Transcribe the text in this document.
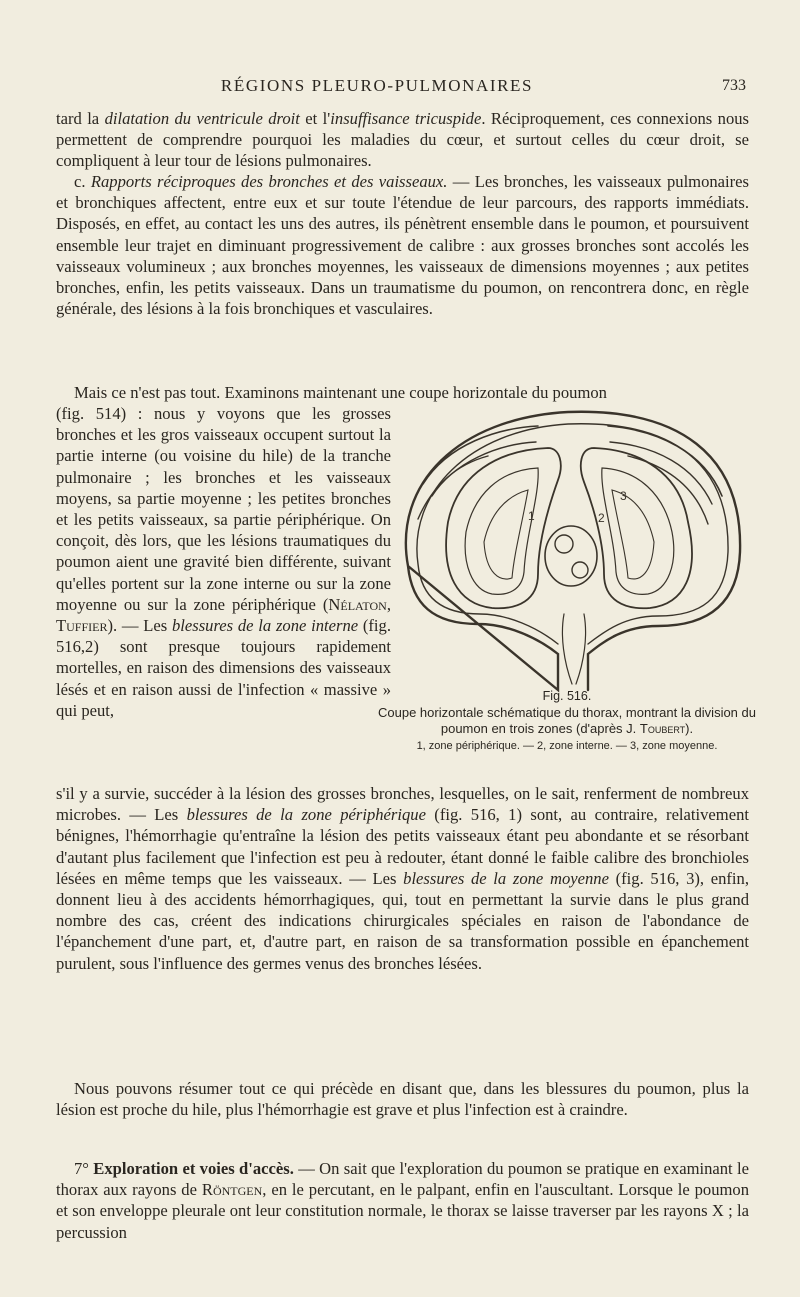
RÉGIONS PLEURO-PULMONAIRES	733

tard la dilatation du ventricule droit et l'insuffisance tricuspide. Réciproquement, ces connexions nous permettent de comprendre pourquoi les maladies du cœur, et surtout celles du cœur droit, se compliquent à leur tour de lésions pulmonaires.

c. Rapports réciproques des bronches et des vaisseaux. — Les bronches, les vaisseaux pulmonaires et bronchiques affectent, entre eux et sur toute l'étendue de leur parcours, des rapports immédiats. Disposés, en effet, au contact les uns des autres, ils pénètrent ensemble dans le poumon, et poursuivent ensemble leur trajet en diminuant progressivement de calibre : aux grosses bronches sont accolés les vaisseaux volumineux ; aux bronches moyennes, les vaisseaux de dimensions moyennes ; aux petites bronches, enfin, les petits vaisseaux. Dans un traumatisme du poumon, on rencontrera donc, en règle générale, des lésions à la fois bronchiques et vasculaires.

Mais ce n'est pas tout. Examinons maintenant une coupe horizontale du poumon

(fig. 514) : nous y voyons que les grosses bronches et les gros vaisseaux occupent surtout la partie interne (ou voisine du hile) de la tranche pulmonaire ; les bronches et les vaisseaux moyens, sa partie moyenne ; les petites bronches et les petits vaisseaux, sa partie périphérique. On conçoit, dès lors, que les lésions traumatiques du poumon aient une gravité bien différente, suivant qu'elles portent sur la zone interne ou sur la zone moyenne ou sur la zone périphérique (Nélaton, Tuffier). — Les blessures de la zone interne (fig. 516,2) sont presque toujours rapidement mortelles, en raison des dimensions des vaisseaux lésés et en raison aussi de l'infection « massive » qui peut,

s'il y a survie, succéder à la lésion des grosses bronches, lesquelles, on le sait, renferment de nombreux microbes. — Les blessures de la zone périphérique (fig. 516, 1) sont, au contraire, relativement bénignes, l'hémorrhagie qu'entraîne la lésion des petits vaisseaux étant peu abondante et se résorbant d'autant plus facilement que l'infection est peu à redouter, étant donné le faible calibre des bronchioles lésées en même temps que les vaisseaux. — Les blessures de la zone moyenne (fig. 516, 3), enfin, donnent lieu à des accidents hémorrhagiques, qui, tout en permettant la survie dans le plus grand nombre des cas, créent des indications chirurgicales spéciales en raison de l'abondance de l'épanchement d'une part, et, d'autre part, en raison de sa transformation possible en épanchement purulent, sous l'influence des germes venus des bronches lésées.

Nous pouvons résumer tout ce qui précède en disant que, dans les blessures du poumon, plus la lésion est proche du hile, plus l'hémorrhagie est grave et plus l'infection est à craindre.

7° Exploration et voies d'accès. — On sait que l'exploration du poumon se pratique en examinant le thorax aux rayons de Röntgen, en le percutant, en le palpant, enfin en l'auscultant. Lorsque le poumon et son enveloppe pleurale ont leur constitution normale, le thorax se laisse traverser par les rayons X ; la percussion

1	2
3
Fig. 516.
Coupe horizontale schématique du thorax, montrant la division du poumon en trois zones (d'après J. Toubert).
1, zone périphérique. — 2, zone interne. — 3, zone moyenne.
